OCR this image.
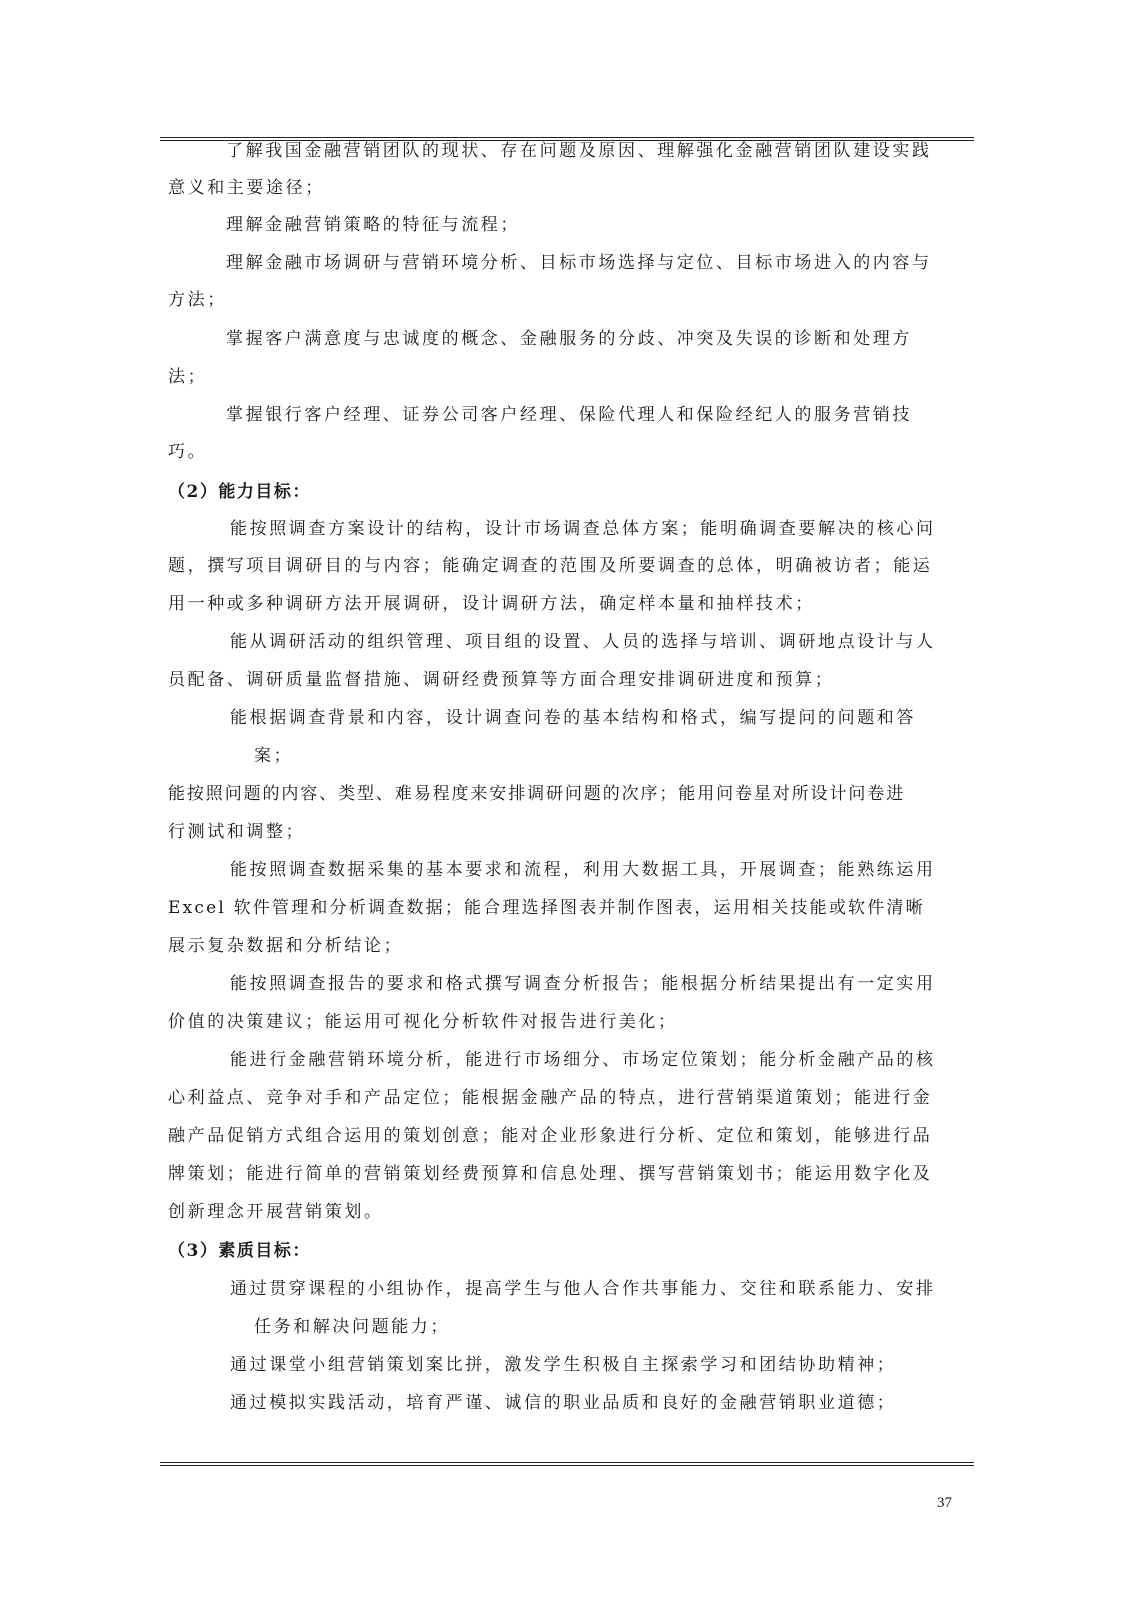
了解我国金融营销团队的现状、存在问题及原因、理解强化金融营销团队建设实践
意义和主要途径；
理解金融营销策略的特征与流程；
理解金融市场调研与营销环境分析、目标市场选择与定位、目标市场进入的内容与
方法；
掌握客户满意度与忠诚度的概念、金融服务的分歧、冲突及失误的诊断和处理方
法；
掌握银行客户经理、证券公司客户经理、保险代理人和保险经纪人的服务营销技
巧。
（2）能力目标：
能按照调查方案设计的结构，设计市场调查总体方案；能明确调查要解决的核心问
题，撰写项目调研目的与内容；能确定调查的范围及所要调查的总体，明确被访者；能运
用一种或多种调研方法开展调研，设计调研方法，确定样本量和抽样技术；
能从调研活动的组织管理、项目组的设置、人员的选择与培训、调研地点设计与人
员配备、调研质量监督措施、调研经费预算等方面合理安排调研进度和预算；
能根据调查背景和内容，设计调查问卷的基本结构和格式，编写提问的问题和答
案；
能按照问题的内容、类型、难易程度来安排调研问题的次序；能用问卷星对所设计问卷进
行测试和调整；
能按照调查数据采集的基本要求和流程，利用大数据工具，开展调查；能熟练运用
Excel 软件管理和分析调查数据；能合理选择图表并制作图表，运用相关技能或软件清晰
展示复杂数据和分析结论；
能按照调查报告的要求和格式撰写调查分析报告；能根据分析结果提出有一定实用
价值的决策建议；能运用可视化分析软件对报告进行美化；
能进行金融营销环境分析，能进行市场细分、市场定位策划；能分析金融产品的核
心利益点、竞争对手和产品定位；能根据金融产品的特点，进行营销渠道策划；能进行金
融产品促销方式组合运用的策划创意；能对企业形象进行分析、定位和策划，能够进行品
牌策划；能进行简单的营销策划经费预算和信息处理、撰写营销策划书；能运用数字化及
创新理念开展营销策划。
（3）素质目标：
通过贯穿课程的小组协作，提高学生与他人合作共事能力、交往和联系能力、安排
任务和解决问题能力；
通过课堂小组营销策划案比拼，激发学生积极自主探索学习和团结协助精神；
通过模拟实践活动，培育严谨、诚信的职业品质和良好的金融营销职业道德；
37
